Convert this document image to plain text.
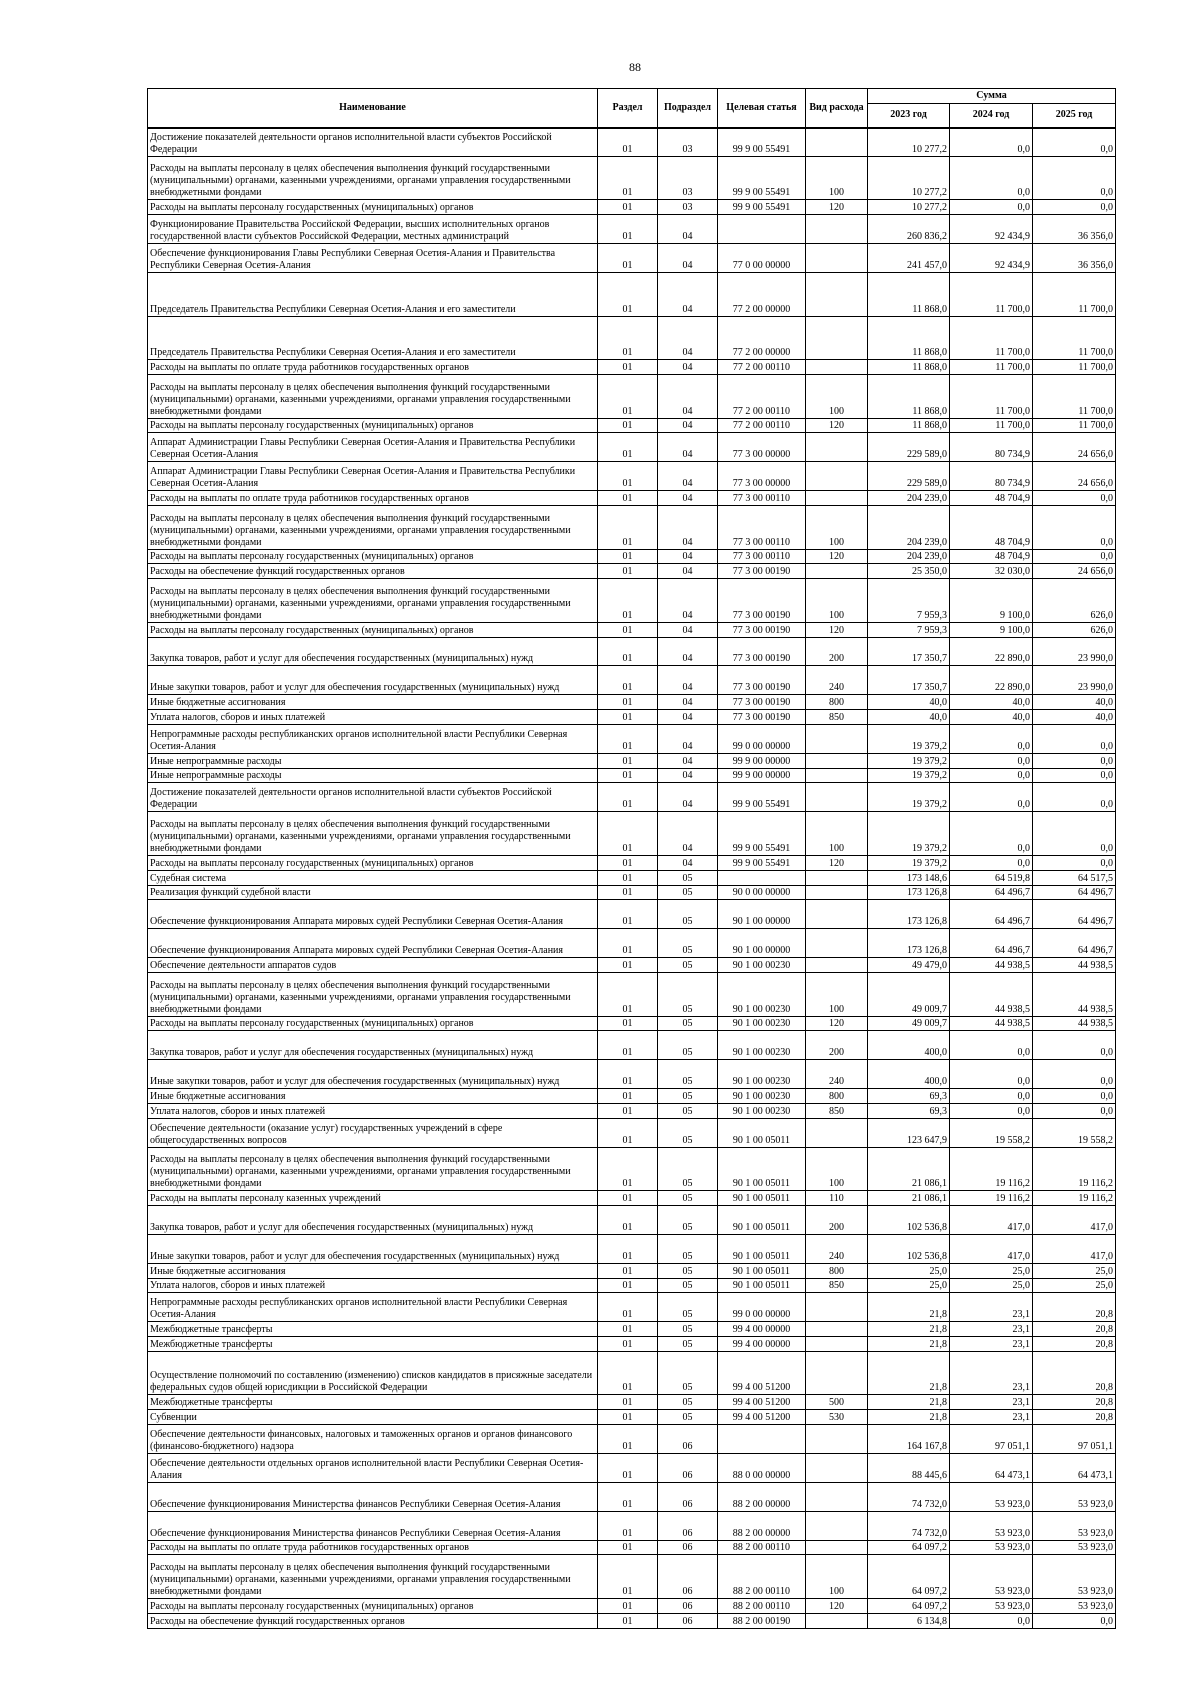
88
Наименование	Раздел	Подраздел	Целевая статья	Вид расхода	Сумма		
					2023 год	2024 год	2025 год
Достижение показателей деятельности органов исполнительной власти субъектов Российской Федерации	01	03	99 9 00 55491		10 277,2	0,0	0,0
Расходы на выплаты персоналу в целях обеспечения выполнения функций государственными (муниципальными) органами, казенными учреждениями, органами управления государственными внебюджетными фондами	01	03	99 9 00 55491	100	10 277,2	0,0	0,0
Расходы на выплаты персоналу государственных (муниципальных) органов	01	03	99 9 00 55491	120	10 277,2	0,0	0,0
Функционирование Правительства Российской Федерации, высших исполнительных органов государственной власти субъектов Российской Федерации, местных администраций	01	04			260 836,2	92 434,9	36 356,0
Обеспечение функционирования Главы Республики Северная Осетия-Алания и Правительства Республики Северная Осетия-Алания	01	04	77 0 00 00000		241 457,0	92 434,9	36 356,0
Председатель Правительства Республики Северная Осетия-Алания и его заместители	01	04	77 2 00 00000		11 868,0	11 700,0	11 700,0
Председатель Правительства Республики Северная Осетия-Алания и его заместители	01	04	77 2 00 00000		11 868,0	11 700,0	11 700,0
Расходы на выплаты по оплате труда работников государственных органов	01	04	77 2 00 00110		11 868,0	11 700,0	11 700,0
Расходы на выплаты персоналу в целях обеспечения выполнения функций государственными (муниципальными) органами, казенными учреждениями, органами управления государственными внебюджетными фондами	01	04	77 2 00 00110	100	11 868,0	11 700,0	11 700,0
Расходы на выплаты персоналу государственных (муниципальных) органов	01	04	77 2 00 00110	120	11 868,0	11 700,0	11 700,0
Аппарат Администрации Главы Республики Северная Осетия-Алания и Правительства Республики Северная Осетия-Алания	01	04	77 3 00 00000		229 589,0	80 734,9	24 656,0
Аппарат Администрации Главы Республики Северная Осетия-Алания и Правительства Республики Северная Осетия-Алания	01	04	77 3 00 00000		229 589,0	80 734,9	24 656,0
Расходы на выплаты по оплате труда работников государственных органов	01	04	77 3 00 00110		204 239,0	48 704,9	0,0
Расходы на выплаты персоналу в целях обеспечения выполнения функций государственными (муниципальными) органами, казенными учреждениями, органами управления государственными внебюджетными фондами	01	04	77 3 00 00110	100	204 239,0	48 704,9	0,0
Расходы на выплаты персоналу государственных (муниципальных) органов	01	04	77 3 00 00110	120	204 239,0	48 704,9	0,0
Расходы на обеспечение функций государственных органов	01	04	77 3 00 00190		25 350,0	32 030,0	24 656,0
Расходы на выплаты персоналу в целях обеспечения выполнения функций государственными (муниципальными) органами, казенными учреждениями, органами управления государственными внебюджетными фондами	01	04	77 3 00 00190	100	7 959,3	9 100,0	626,0
Расходы на выплаты персоналу государственных (муниципальных) органов	01	04	77 3 00 00190	120	7 959,3	9 100,0	626,0
Закупка товаров, работ и услуг для обеспечения государственных (муниципальных) нужд	01	04	77 3 00 00190	200	17 350,7	22 890,0	23 990,0
Иные закупки товаров, работ и услуг для обеспечения государственных (муниципальных) нужд	01	04	77 3 00 00190	240	17 350,7	22 890,0	23 990,0
Иные бюджетные ассигнования	01	04	77 3 00 00190	800	40,0	40,0	40,0
Уплата налогов, сборов и иных платежей	01	04	77 3 00 00190	850	40,0	40,0	40,0
Непрограммные расходы республиканских органов исполнительной власти Республики Северная Осетия-Алания	01	04	99 0 00 00000		19 379,2	0,0	0,0
Иные непрограммные расходы	01	04	99 9 00 00000		19 379,2	0,0	0,0
Иные непрограммные расходы	01	04	99 9 00 00000		19 379,2	0,0	0,0
Достижение показателей деятельности органов исполнительной власти субъектов Российской Федерации	01	04	99 9 00 55491		19 379,2	0,0	0,0
Расходы на выплаты персоналу в целях обеспечения выполнения функций государственными (муниципальными) органами, казенными учреждениями, органами управления государственными внебюджетными фондами	01	04	99 9 00 55491	100	19 379,2	0,0	0,0
Расходы на выплаты персоналу государственных (муниципальных) органов	01	04	99 9 00 55491	120	19 379,2	0,0	0,0
Судебная система	01	05			173 148,6	64 519,8	64 517,5
Реализация функций судебной власти	01	05	90 0 00 00000		173 126,8	64 496,7	64 496,7
Обеспечение функционирования Аппарата мировых судей Республики Северная Осетия-Алания	01	05	90 1 00 00000		173 126,8	64 496,7	64 496,7
Обеспечение функционирования Аппарата мировых судей Республики Северная Осетия-Алания	01	05	90 1 00 00000		173 126,8	64 496,7	64 496,7
Обеспечение деятельности аппаратов судов	01	05	90 1 00 00230		49 479,0	44 938,5	44 938,5
Расходы на выплаты персоналу в целях обеспечения выполнения функций государственными (муниципальными) органами, казенными учреждениями, органами управления государственными внебюджетными фондами	01	05	90 1 00 00230	100	49 009,7	44 938,5	44 938,5
Расходы на выплаты персоналу государственных (муниципальных) органов	01	05	90 1 00 00230	120	49 009,7	44 938,5	44 938,5
Закупка товаров, работ и услуг для обеспечения государственных (муниципальных) нужд	01	05	90 1 00 00230	200	400,0	0,0	0,0
Иные закупки товаров, работ и услуг для обеспечения государственных (муниципальных) нужд	01	05	90 1 00 00230	240	400,0	0,0	0,0
Иные бюджетные ассигнования	01	05	90 1 00 00230	800	69,3	0,0	0,0
Уплата налогов, сборов и иных платежей	01	05	90 1 00 00230	850	69,3	0,0	0,0
Обеспечение деятельности (оказание услуг) государственных учреждений в сфере общегосударственных вопросов	01	05	90 1 00 05011		123 647,9	19 558,2	19 558,2
Расходы на выплаты персоналу в целях обеспечения выполнения функций государственными (муниципальными) органами, казенными учреждениями, органами управления государственными внебюджетными фондами	01	05	90 1 00 05011	100	21 086,1	19 116,2	19 116,2
Расходы на выплаты персоналу казенных учреждений	01	05	90 1 00 05011	110	21 086,1	19 116,2	19 116,2
Закупка товаров, работ и услуг для обеспечения государственных (муниципальных) нужд	01	05	90 1 00 05011	200	102 536,8	417,0	417,0
Иные закупки товаров, работ и услуг для обеспечения государственных (муниципальных) нужд	01	05	90 1 00 05011	240	102 536,8	417,0	417,0
Иные бюджетные ассигнования	01	05	90 1 00 05011	800	25,0	25,0	25,0
Уплата налогов, сборов и иных платежей	01	05	90 1 00 05011	850	25,0	25,0	25,0
Непрограммные расходы республиканских органов исполнительной власти Республики Северная Осетия-Алания	01	05	99 0 00 00000		21,8	23,1	20,8
Межбюджетные трансферты	01	05	99 4 00 00000		21,8	23,1	20,8
Межбюджетные трансферты	01	05	99 4 00 00000		21,8	23,1	20,8
Осуществление полномочий по составлению (изменению) списков кандидатов в присяжные заседатели федеральных судов общей юрисдикции в Российской Федерации	01	05	99 4 00 51200		21,8	23,1	20,8
Межбюджетные трансферты	01	05	99 4 00 51200	500	21,8	23,1	20,8
Субвенции	01	05	99 4 00 51200	530	21,8	23,1	20,8
Обеспечение деятельности финансовых, налоговых и таможенных органов и органов финансового (финансово-бюджетного) надзора	01	06			164 167,8	97 051,1	97 051,1
Обеспечение деятельности отдельных органов исполнительной власти Республики Северная Осетия-Алания	01	06	88 0 00 00000		88 445,6	64 473,1	64 473,1
Обеспечение функционирования Министерства финансов Республики Северная Осетия-Алания	01	06	88 2 00 00000		74 732,0	53 923,0	53 923,0
Обеспечение функционирования Министерства финансов Республики Северная Осетия-Алания	01	06	88 2 00 00000		74 732,0	53 923,0	53 923,0
Расходы на выплаты по оплате труда работников государственных органов	01	06	88 2 00 00110		64 097,2	53 923,0	53 923,0
Расходы на выплаты персоналу в целях обеспечения выполнения функций государственными (муниципальными) органами, казенными учреждениями, органами управления государственными внебюджетными фондами	01	06	88 2 00 00110	100	64 097,2	53 923,0	53 923,0
Расходы на выплаты персоналу государственных (муниципальных) органов	01	06	88 2 00 00110	120	64 097,2	53 923,0	53 923,0
Расходы на обеспечение функций государственных органов	01	06	88 2 00 00190		6 134,8	0,0	0,0
